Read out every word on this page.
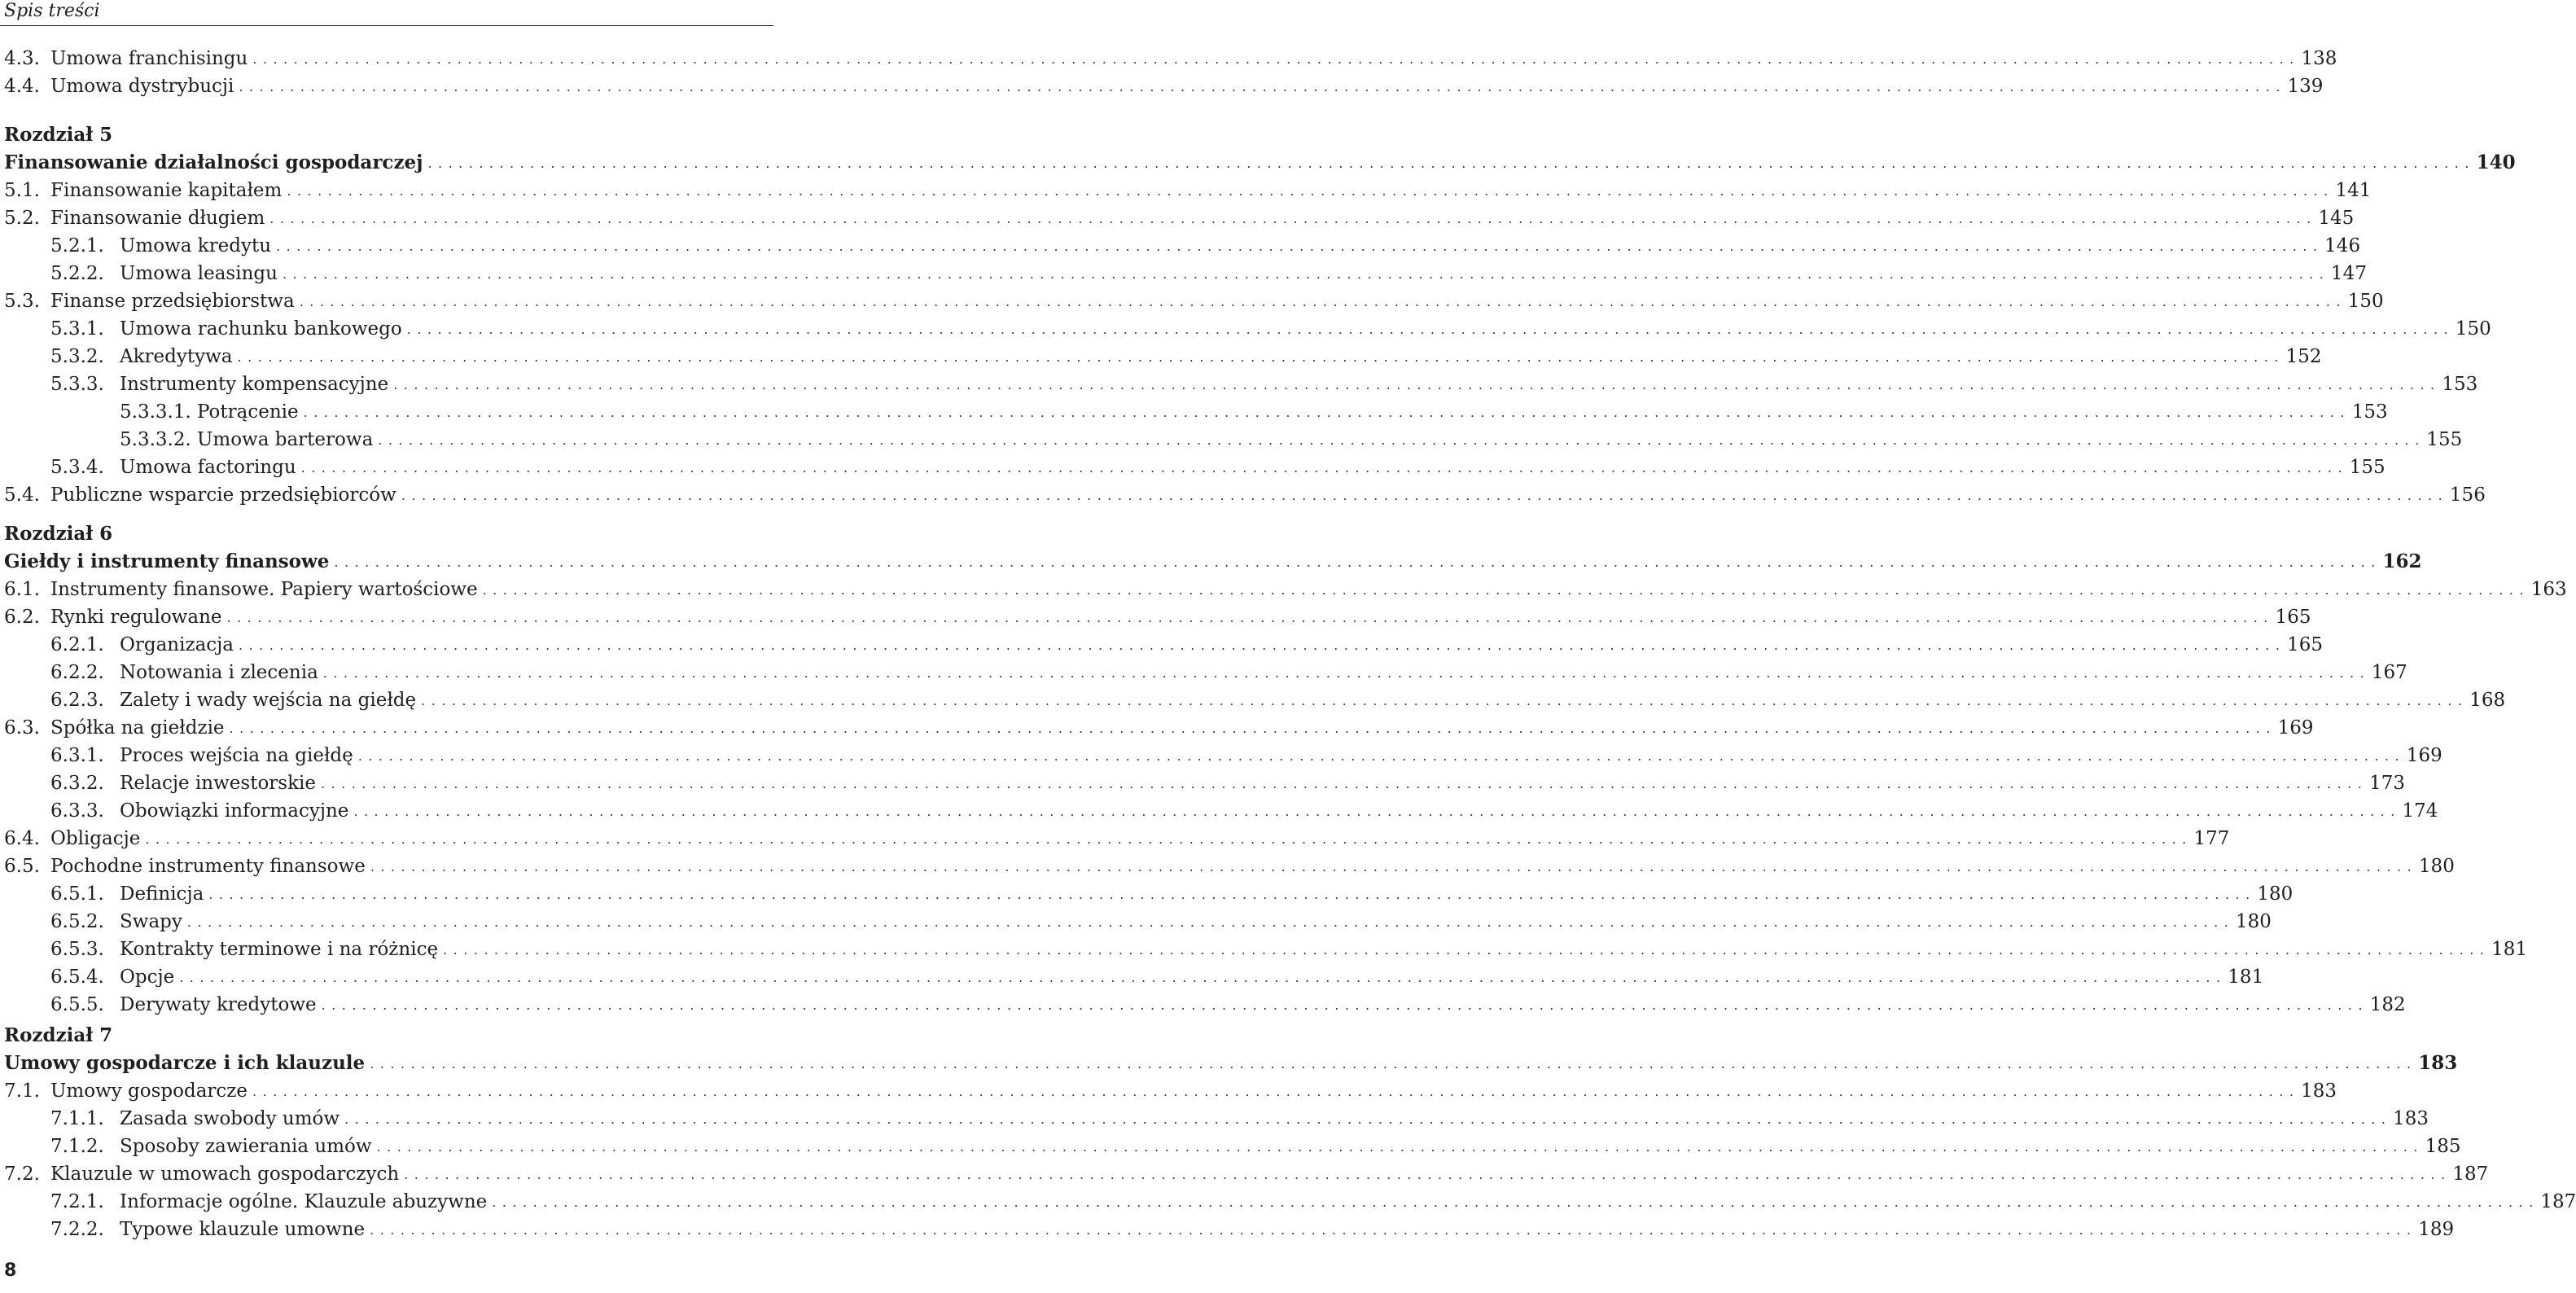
Spis treści
Rozdział 5
Rozdział 6
Rozdział 7
4.3. Umowa franchisingu . . . . . . . . . . . . . . . . . . . . . . . . . . . . . . . . . . . . . . . . . . . . . . . . . . . . . . . . . . . . . . . . . . . . . . . . . . . . . . . . . . . . . . . . . . . . . . . . . . . . . . . . . . . . . . . . . . . . . . . . . . . . . . . . . . . . . . . . . . . . . . . . . . . . . . . . . . . . . . . . . . . . . . . . . . . . . . . . . . . . . . . . . . . . . . . . . . . . . . . . 138
4.4. Umowa dystrybucji . . . . . . . . . . . . . . . . . . . . . . . . . . . . . . . . . . . . . . . . . . . . . . . . . . . . . . . . . . . . . . . . . . . . . . . . . . . . . . . . . . . . . . . . . . . . . . . . . . . . . . . . . . . . . . . . . . . . . . . . . . . . . . . . . . . . . . . . . . . . . . . . . . . . . . . . . . . . . . . . . . . . . . . . . . . . . . . . . . . . . . . . . . . . . . . . . . . . . . . . 139
Finansowanie działalności gospodarczej . . . . . . . . . . . . . . . . . . . . . . . . . . . . . . . . . . . . . . . . . . . . . . . . . . . . . . . . . . . . . . . . . . . . . . . . . . . . . . . . . . . . . . . . . . . . . . . . . . . . . . . . . . . . . . . . . . . . . . . . . . . . . . . . . . . . . . . . . . . . . . . . . . . . . . . . . . . . . . . . . . . . . . . . . . . . . . . . . . . . . . . . . . . . . . . . . . . . . . . . 140
5.1. Finansowanie kapitałem . . . . . . . . . . . . . . . . . . . . . . . . . . . . . . . . . . . . . . . . . . . . . . . . . . . . . . . . . . . . . . . . . . . . . . . . . . . . . . . . . . . . . . . . . . . . . . . . . . . . . . . . . . . . . . . . . . . . . . . . . . . . . . . . . . . . . . . . . . . . . . . . . . . . . . . . . . . . . . . . . . . . . . . . . . . . . . . . . . . . . . . . . . . . . . . . . . . . . . . . 141
5.2. Finansowanie długiem . . . . . . . . . . . . . . . . . . . . . . . . . . . . . . . . . . . . . . . . . . . . . . . . . . . . . . . . . . . . . . . . . . . . . . . . . . . . . . . . . . . . . . . . . . . . . . . . . . . . . . . . . . . . . . . . . . . . . . . . . . . . . . . . . . . . . . . . . . . . . . . . . . . . . . . . . . . . . . . . . . . . . . . . . . . . . . . . . . . . . . . . . . . . . . . . . . . . . . . . 145
5.2.1. Umowa kredytu . . . . . . . . . . . . . . . . . . . . . . . . . . . . . . . . . . . . . . . . . . . . . . . . . . . . . . . . . . . . . . . . . . . . . . . . . . . . . . . . . . . . . . . . . . . . . . . . . . . . . . . . . . . . . . . . . . . . . . . . . . . . . . . . . . . . . . . . . . . . . . . . . . . . . . . . . . . . . . . . . . . . . . . . . . . . . . . . . . . . . . . . . . . . . . . . . . . . . . . . 146
5.2.2. Umowa leasingu . . . . . . . . . . . . . . . . . . . . . . . . . . . . . . . . . . . . . . . . . . . . . . . . . . . . . . . . . . . . . . . . . . . . . . . . . . . . . . . . . . . . . . . . . . . . . . . . . . . . . . . . . . . . . . . . . . . . . . . . . . . . . . . . . . . . . . . . . . . . . . . . . . . . . . . . . . . . . . . . . . . . . . . . . . . . . . . . . . . . . . . . . . . . . . . . . . . . . . . . 147
5.3. Finanse przedsiębiorstwa . . . . . . . . . . . . . . . . . . . . . . . . . . . . . . . . . . . . . . . . . . . . . . . . . . . . . . . . . . . . . . . . . . . . . . . . . . . . . . . . . . . . . . . . . . . . . . . . . . . . . . . . . . . . . . . . . . . . . . . . . . . . . . . . . . . . . . . . . . . . . . . . . . . . . . . . . . . . . . . . . . . . . . . . . . . . . . . . . . . . . . . . . . . . . . . . . . . . . . . . 150
5.3.1. Umowa rachunku bankowego . . . . . . . . . . . . . . . . . . . . . . . . . . . . . . . . . . . . . . . . . . . . . . . . . . . . . . . . . . . . . . . . . . . . . . . . . . . . . . . . . . . . . . . . . . . . . . . . . . . . . . . . . . . . . . . . . . . . . . . . . . . . . . . . . . . . . . . . . . . . . . . . . . . . . . . . . . . . . . . . . . . . . . . . . . . . . . . . . . . . . . . . . . . . . . . . . . . . . . . . 150
5.3.2. Akredytywa . . . . . . . . . . . . . . . . . . . . . . . . . . . . . . . . . . . . . . . . . . . . . . . . . . . . . . . . . . . . . . . . . . . . . . . . . . . . . . . . . . . . . . . . . . . . . . . . . . . . . . . . . . . . . . . . . . . . . . . . . . . . . . . . . . . . . . . . . . . . . . . . . . . . . . . . . . . . . . . . . . . . . . . . . . . . . . . . . . . . . . . . . . . . . . . . . . . . . . . . 152
5.3.3. Instrumenty kompensacyjne . . . . . . . . . . . . . . . . . . . . . . . . . . . . . . . . . . . . . . . . . . . . . . . . . . . . . . . . . . . . . . . . . . . . . . . . . . . . . . . . . . . . . . . . . . . . . . . . . . . . . . . . . . . . . . . . . . . . . . . . . . . . . . . . . . . . . . . . . . . . . . . . . . . . . . . . . . . . . . . . . . . . . . . . . . . . . . . . . . . . . . . . . . . . . . . . . . . . . . . . 153
5.3.3.1. Potrącenie . . . . . . . . . . . . . . . . . . . . . . . . . . . . . . . . . . . . . . . . . . . . . . . . . . . . . . . . . . . . . . . . . . . . . . . . . . . . . . . . . . . . . . . . . . . . . . . . . . . . . . . . . . . . . . . . . . . . . . . . . . . . . . . . . . . . . . . . . . . . . . . . . . . . . . . . . . . . . . . . . . . . . . . . . . . . . . . . . . . . . . . . . . . . . . . . . . . . . . . . 153
5.3.3.2. Umowa barterowa . . . . . . . . . . . . . . . . . . . . . . . . . . . . . . . . . . . . . . . . . . . . . . . . . . . . . . . . . . . . . . . . . . . . . . . . . . . . . . . . . . . . . . . . . . . . . . . . . . . . . . . . . . . . . . . . . . . . . . . . . . . . . . . . . . . . . . . . . . . . . . . . . . . . . . . . . . . . . . . . . . . . . . . . . . . . . . . . . . . . . . . . . . . . . . . . . . . . . . . . 155
5.3.4. Umowa factoringu . . . . . . . . . . . . . . . . . . . . . . . . . . . . . . . . . . . . . . . . . . . . . . . . . . . . . . . . . . . . . . . . . . . . . . . . . . . . . . . . . . . . . . . . . . . . . . . . . . . . . . . . . . . . . . . . . . . . . . . . . . . . . . . . . . . . . . . . . . . . . . . . . . . . . . . . . . . . . . . . . . . . . . . . . . . . . . . . . . . . . . . . . . . . . . . . . . . . . . . . 155
5.4. Publiczne wsparcie przedsiębiorców . . . . . . . . . . . . . . . . . . . . . . . . . . . . . . . . . . . . . . . . . . . . . . . . . . . . . . . . . . . . . . . . . . . . . . . . . . . . . . . . . . . . . . . . . . . . . . . . . . . . . . . . . . . . . . . . . . . . . . . . . . . . . . . . . . . . . . . . . . . . . . . . . . . . . . . . . . . . . . . . . . . . . . . . . . . . . . . . . . . . . . . . . . . . . . . . . . . . . . . . 156
Giełdy i instrumenty finansowe . . . . . . . . . . . . . . . . . . . . . . . . . . . . . . . . . . . . . . . . . . . . . . . . . . . . . . . . . . . . . . . . . . . . . . . . . . . . . . . . . . . . . . . . . . . . . . . . . . . . . . . . . . . . . . . . . . . . . . . . . . . . . . . . . . . . . . . . . . . . . . . . . . . . . . . . . . . . . . . . . . . . . . . . . . . . . . . . . . . . . . . . . . . . . . . . . . . . . . . . 162
6.1. Instrumenty finansowe. Papiery wartościowe . . . . . . . . . . . . . . . . . . . . . . . . . . . . . . . . . . . . . . . . . . . . . . . . . . . . . . . . . . . . . . . . . . . . . . . . . . . . . . . . . . . . . . . . . . . . . . . . . . . . . . . . . . . . . . . . . . . . . . . . . . . . . . . . . . . . . . . . . . . . . . . . . . . . . . . . . . . . . . . . . . . . . . . . . . . . . . . . . . . . . . . . . . . . . . . . . . . . . . . . 163
6.2. Rynki regulowane . . . . . . . . . . . . . . . . . . . . . . . . . . . . . . . . . . . . . . . . . . . . . . . . . . . . . . . . . . . . . . . . . . . . . . . . . . . . . . . . . . . . . . . . . . . . . . . . . . . . . . . . . . . . . . . . . . . . . . . . . . . . . . . . . . . . . . . . . . . . . . . . . . . . . . . . . . . . . . . . . . . . . . . . . . . . . . . . . . . . . . . . . . . . . . . . . . . . . . . . 165
6.2.1. Organizacja . . . . . . . . . . . . . . . . . . . . . . . . . . . . . . . . . . . . . . . . . . . . . . . . . . . . . . . . . . . . . . . . . . . . . . . . . . . . . . . . . . . . . . . . . . . . . . . . . . . . . . . . . . . . . . . . . . . . . . . . . . . . . . . . . . . . . . . . . . . . . . . . . . . . . . . . . . . . . . . . . . . . . . . . . . . . . . . . . . . . . . . . . . . . . . . . . . . . . . . . 165
6.2.2. Notowania i zlecenia . . . . . . . . . . . . . . . . . . . . . . . . . . . . . . . . . . . . . . . . . . . . . . . . . . . . . . . . . . . . . . . . . . . . . . . . . . . . . . . . . . . . . . . . . . . . . . . . . . . . . . . . . . . . . . . . . . . . . . . . . . . . . . . . . . . . . . . . . . . . . . . . . . . . . . . . . . . . . . . . . . . . . . . . . . . . . . . . . . . . . . . . . . . . . . . . . . . . . . . . 167
6.2.3. Zalety i wady wejścia na giełdę . . . . . . . . . . . . . . . . . . . . . . . . . . . . . . . . . . . . . . . . . . . . . . . . . . . . . . . . . . . . . . . . . . . . . . . . . . . . . . . . . . . . . . . . . . . . . . . . . . . . . . . . . . . . . . . . . . . . . . . . . . . . . . . . . . . . . . . . . . . . . . . . . . . . . . . . . . . . . . . . . . . . . . . . . . . . . . . . . . . . . . . . . . . . . . . . . . . . . . . . 168
6.3. Spółka na giełdzie . . . . . . . . . . . . . . . . . . . . . . . . . . . . . . . . . . . . . . . . . . . . . . . . . . . . . . . . . . . . . . . . . . . . . . . . . . . . . . . . . . . . . . . . . . . . . . . . . . . . . . . . . . . . . . . . . . . . . . . . . . . . . . . . . . . . . . . . . . . . . . . . . . . . . . . . . . . . . . . . . . . . . . . . . . . . . . . . . . . . . . . . . . . . . . . . . . . . . . . . 169
6.3.1. Proces wejścia na giełdę . . . . . . . . . . . . . . . . . . . . . . . . . . . . . . . . . . . . . . . . . . . . . . . . . . . . . . . . . . . . . . . . . . . . . . . . . . . . . . . . . . . . . . . . . . . . . . . . . . . . . . . . . . . . . . . . . . . . . . . . . . . . . . . . . . . . . . . . . . . . . . . . . . . . . . . . . . . . . . . . . . . . . . . . . . . . . . . . . . . . . . . . . . . . . . . . . . . . . . . . 169
6.3.2. Relacje inwestorskie . . . . . . . . . . . . . . . . . . . . . . . . . . . . . . . . . . . . . . . . . . . . . . . . . . . . . . . . . . . . . . . . . . . . . . . . . . . . . . . . . . . . . . . . . . . . . . . . . . . . . . . . . . . . . . . . . . . . . . . . . . . . . . . . . . . . . . . . . . . . . . . . . . . . . . . . . . . . . . . . . . . . . . . . . . . . . . . . . . . . . . . . . . . . . . . . . . . . . . . . 173
6.3.3. Obowiązki informacyjne . . . . . . . . . . . . . . . . . . . . . . . . . . . . . . . . . . . . . . . . . . . . . . . . . . . . . . . . . . . . . . . . . . . . . . . . . . . . . . . . . . . . . . . . . . . . . . . . . . . . . . . . . . . . . . . . . . . . . . . . . . . . . . . . . . . . . . . . . . . . . . . . . . . . . . . . . . . . . . . . . . . . . . . . . . . . . . . . . . . . . . . . . . . . . . . . . . . . . . . . 174
6.4. Obligacje . . . . . . . . . . . . . . . . . . . . . . . . . . . . . . . . . . . . . . . . . . . . . . . . . . . . . . . . . . . . . . . . . . . . . . . . . . . . . . . . . . . . . . . . . . . . . . . . . . . . . . . . . . . . . . . . . . . . . . . . . . . . . . . . . . . . . . . . . . . . . . . . . . . . . . . . . . . . . . . . . . . . . . . . . . . . . . . . . . . . . . . . . . . . . . . . . . . . . . . . 177
6.5. Pochodne instrumenty finansowe . . . . . . . . . . . . . . . . . . . . . . . . . . . . . . . . . . . . . . . . . . . . . . . . . . . . . . . . . . . . . . . . . . . . . . . . . . . . . . . . . . . . . . . . . . . . . . . . . . . . . . . . . . . . . . . . . . . . . . . . . . . . . . . . . . . . . . . . . . . . . . . . . . . . . . . . . . . . . . . . . . . . . . . . . . . . . . . . . . . . . . . . . . . . . . . . . . . . . . . . 180
6.5.1. Definicja . . . . . . . . . . . . . . . . . . . . . . . . . . . . . . . . . . . . . . . . . . . . . . . . . . . . . . . . . . . . . . . . . . . . . . . . . . . . . . . . . . . . . . . . . . . . . . . . . . . . . . . . . . . . . . . . . . . . . . . . . . . . . . . . . . . . . . . . . . . . . . . . . . . . . . . . . . . . . . . . . . . . . . . . . . . . . . . . . . . . . . . . . . . . . . . . . . . . . . . . 180
6.5.2. Swapy . . . . . . . . . . . . . . . . . . . . . . . . . . . . . . . . . . . . . . . . . . . . . . . . . . . . . . . . . . . . . . . . . . . . . . . . . . . . . . . . . . . . . . . . . . . . . . . . . . . . . . . . . . . . . . . . . . . . . . . . . . . . . . . . . . . . . . . . . . . . . . . . . . . . . . . . . . . . . . . . . . . . . . . . . . . . . . . . . . . . . . . . . . . . . . . . . . . . . . . . 180
6.5.3. Kontrakty terminowe i na różnicę . . . . . . . . . . . . . . . . . . . . . . . . . . . . . . . . . . . . . . . . . . . . . . . . . . . . . . . . . . . . . . . . . . . . . . . . . . . . . . . . . . . . . . . . . . . . . . . . . . . . . . . . . . . . . . . . . . . . . . . . . . . . . . . . . . . . . . . . . . . . . . . . . . . . . . . . . . . . . . . . . . . . . . . . . . . . . . . . . . . . . . . . . . . . . . . . . . . . . . . . 181
6.5.4. Opcje . . . . . . . . . . . . . . . . . . . . . . . . . . . . . . . . . . . . . . . . . . . . . . . . . . . . . . . . . . . . . . . . . . . . . . . . . . . . . . . . . . . . . . . . . . . . . . . . . . . . . . . . . . . . . . . . . . . . . . . . . . . . . . . . . . . . . . . . . . . . . . . . . . . . . . . . . . . . . . . . . . . . . . . . . . . . . . . . . . . . . . . . . . . . . . . . . . . . . . . . 181
6.5.5. Derywaty kredytowe . . . . . . . . . . . . . . . . . . . . . . . . . . . . . . . . . . . . . . . . . . . . . . . . . . . . . . . . . . . . . . . . . . . . . . . . . . . . . . . . . . . . . . . . . . . . . . . . . . . . . . . . . . . . . . . . . . . . . . . . . . . . . . . . . . . . . . . . . . . . . . . . . . . . . . . . . . . . . . . . . . . . . . . . . . . . . . . . . . . . . . . . . . . . . . . . . . . . . . . . 182
Umowy gospodarcze i ich klauzule . . . . . . . . . . . . . . . . . . . . . . . . . . . . . . . . . . . . . . . . . . . . . . . . . . . . . . . . . . . . . . . . . . . . . . . . . . . . . . . . . . . . . . . . . . . . . . . . . . . . . . . . . . . . . . . . . . . . . . . . . . . . . . . . . . . . . . . . . . . . . . . . . . . . . . . . . . . . . . . . . . . . . . . . . . . . . . . . . . . . . . . . . . . . . . . . . . . . . . . . 183
7.1. Umowy gospodarcze . . . . . . . . . . . . . . . . . . . . . . . . . . . . . . . . . . . . . . . . . . . . . . . . . . . . . . . . . . . . . . . . . . . . . . . . . . . . . . . . . . . . . . . . . . . . . . . . . . . . . . . . . . . . . . . . . . . . . . . . . . . . . . . . . . . . . . . . . . . . . . . . . . . . . . . . . . . . . . . . . . . . . . . . . . . . . . . . . . . . . . . . . . . . . . . . . . . . . . . . 183
7.1.1. Zasada swobody umów . . . . . . . . . . . . . . . . . . . . . . . . . . . . . . . . . . . . . . . . . . . . . . . . . . . . . . . . . . . . . . . . . . . . . . . . . . . . . . . . . . . . . . . . . . . . . . . . . . . . . . . . . . . . . . . . . . . . . . . . . . . . . . . . . . . . . . . . . . . . . . . . . . . . . . . . . . . . . . . . . . . . . . . . . . . . . . . . . . . . . . . . . . . . . . . . . . . . . . . . 183
7.1.2. Sposoby zawierania umów . . . . . . . . . . . . . . . . . . . . . . . . . . . . . . . . . . . . . . . . . . . . . . . . . . . . . . . . . . . . . . . . . . . . . . . . . . . . . . . . . . . . . . . . . . . . . . . . . . . . . . . . . . . . . . . . . . . . . . . . . . . . . . . . . . . . . . . . . . . . . . . . . . . . . . . . . . . . . . . . . . . . . . . . . . . . . . . . . . . . . . . . . . . . . . . . . . . . . . . . 185
7.2. Klauzule w umowach gospodarczych . . . . . . . . . . . . . . . . . . . . . . . . . . . . . . . . . . . . . . . . . . . . . . . . . . . . . . . . . . . . . . . . . . . . . . . . . . . . . . . . . . . . . . . . . . . . . . . . . . . . . . . . . . . . . . . . . . . . . . . . . . . . . . . . . . . . . . . . . . . . . . . . . . . . . . . . . . . . . . . . . . . . . . . . . . . . . . . . . . . . . . . . . . . . . . . . . . . . . . . . 187
7.2.1. Informacje ogólne. Klauzule abuzywne . . . . . . . . . . . . . . . . . . . . . . . . . . . . . . . . . . . . . . . . . . . . . . . . . . . . . . . . . . . . . . . . . . . . . . . . . . . . . . . . . . . . . . . . . . . . . . . . . . . . . . . . . . . . . . . . . . . . . . . . . . . . . . . . . . . . . . . . . . . . . . . . . . . . . . . . . . . . . . . . . . . . . . . . . . . . . . . . . . . . . . . . . . . . . . . . . . . . . . . . 187
7.2.2. Typowe klauzule umowne . . . . . . . . . . . . . . . . . . . . . . . . . . . . . . . . . . . . . . . . . . . . . . . . . . . . . . . . . . . . . . . . . . . . . . . . . . . . . . . . . . . . . . . . . . . . . . . . . . . . . . . . . . . . . . . . . . . . . . . . . . . . . . . . . . . . . . . . . . . . . . . . . . . . . . . . . . . . . . . . . . . . . . . . . . . . . . . . . . . . . . . . . . . . . . . . . . . . . . . . 189
8
